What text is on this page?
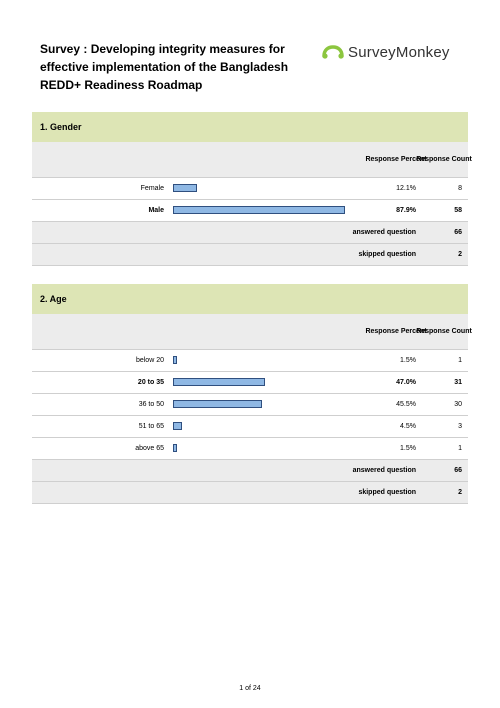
Survey : Developing integrity measures for effective implementation of the Bangladesh REDD+ Readiness Roadmap
SurveyMonkey
1. Gender
Response Percent
Response Count
Female	12.1%	8
Male	87.9%	58
answered question	66
skipped question	2
2. Age
Response Percent
Response Count
below 20	1.5%	1
20 to 35	47.0%	31
36 to 50	45.5%	30
51 to 65	4.5%	3
above 65	1.5%	1
answered question	66
skipped question	2
1 of 24
